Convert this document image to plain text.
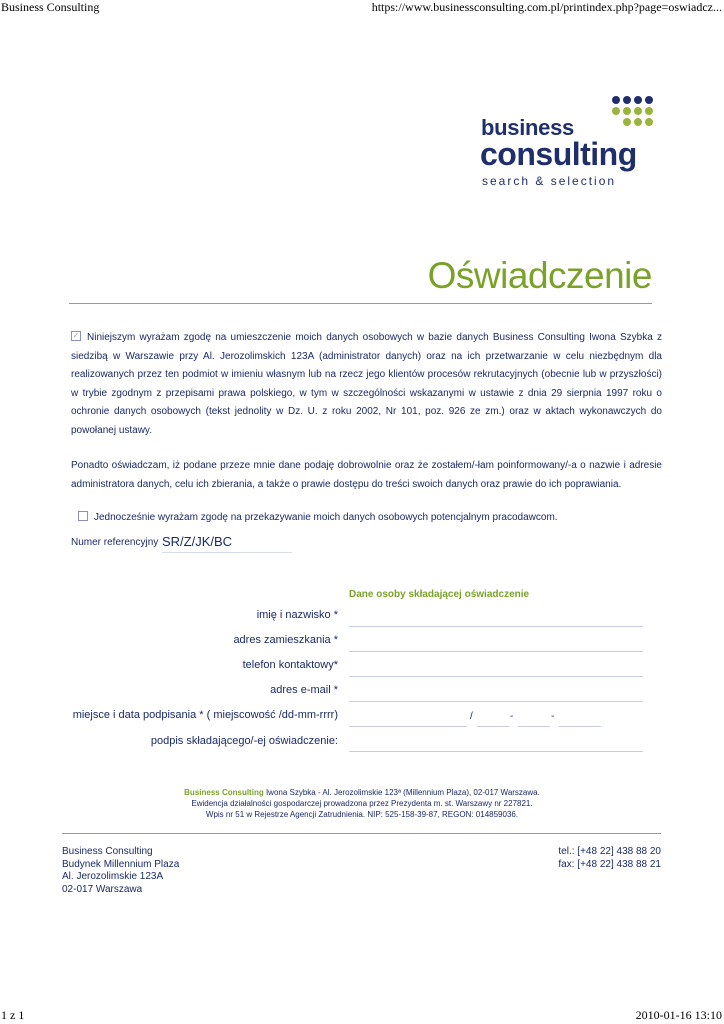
Business Consulting	https://www.businessconsulting.com.pl/printindex.php?page=oswiadcz...
business
consulting
search & selection
Oświadczenie
✓ Niniejszym wyrażam zgodę na umieszczenie moich danych osobowych w bazie danych Business Consulting Iwona Szybka z siedzibą w Warszawie przy Al. Jerozolimskich 123A (administrator danych) oraz na ich przetwarzanie w celu niezbędnym dla realizowanych przez ten podmiot w imieniu własnym lub na rzecz jego klientów procesów rekrutacyjnych (obecnie lub w przyszłości) w trybie zgodnym z przepisami prawa polskiego, w tym w szczególności wskazanymi w ustawie z dnia 29 sierpnia 1997 roku o ochronie danych osobowych (tekst jednolity w Dz. U. z roku 2002, Nr 101, poz. 926 ze zm.) oraz w aktach wykonawczych do powołanej ustawy.
Ponadto oświadczam, iż podane przeze mnie dane podaję dobrowolnie oraz że zostałem/-łam poinformowany/-a o nazwie i adresie administratora danych, celu ich zbierania, a także o prawie dostępu do treści swoich danych oraz prawie do ich poprawiania.
Jednocześnie wyrażam zgodę na przekazywanie moich danych osobowych potencjalnym pracodawcom.
Numer referencyjny SR/Z/JK/BC
Dane osoby składającej oświadczenie
imię i nazwisko *
adres zamieszkania *
telefon kontaktowy*
adres e-mail *
miejsce i data podpisania * ( miejscowość /dd-mm-rrrr)	/	-	-
podpis składającego/-ej oświadczenie:
Business Consulting Iwona Szybka - Al. Jerozolimskie 123ª (Millennium Plaza), 02-017 Warszawa.
Ewidencja działalności gospodarczej prowadzona przez Prezydenta m. st. Warszawy nr 227821.
Wpis nr 51 w Rejestrze Agencji Zatrudnienia. NIP: 525-158-39-87, REGON: 014859036.
Business Consulting
Budynek Millennium Plaza
Al. Jerozolimskie 123A
02-017 Warszawa
tel.: [+48 22] 438 88 20
fax: [+48 22] 438 88 21
1 z 1	2010-01-16 13:10
